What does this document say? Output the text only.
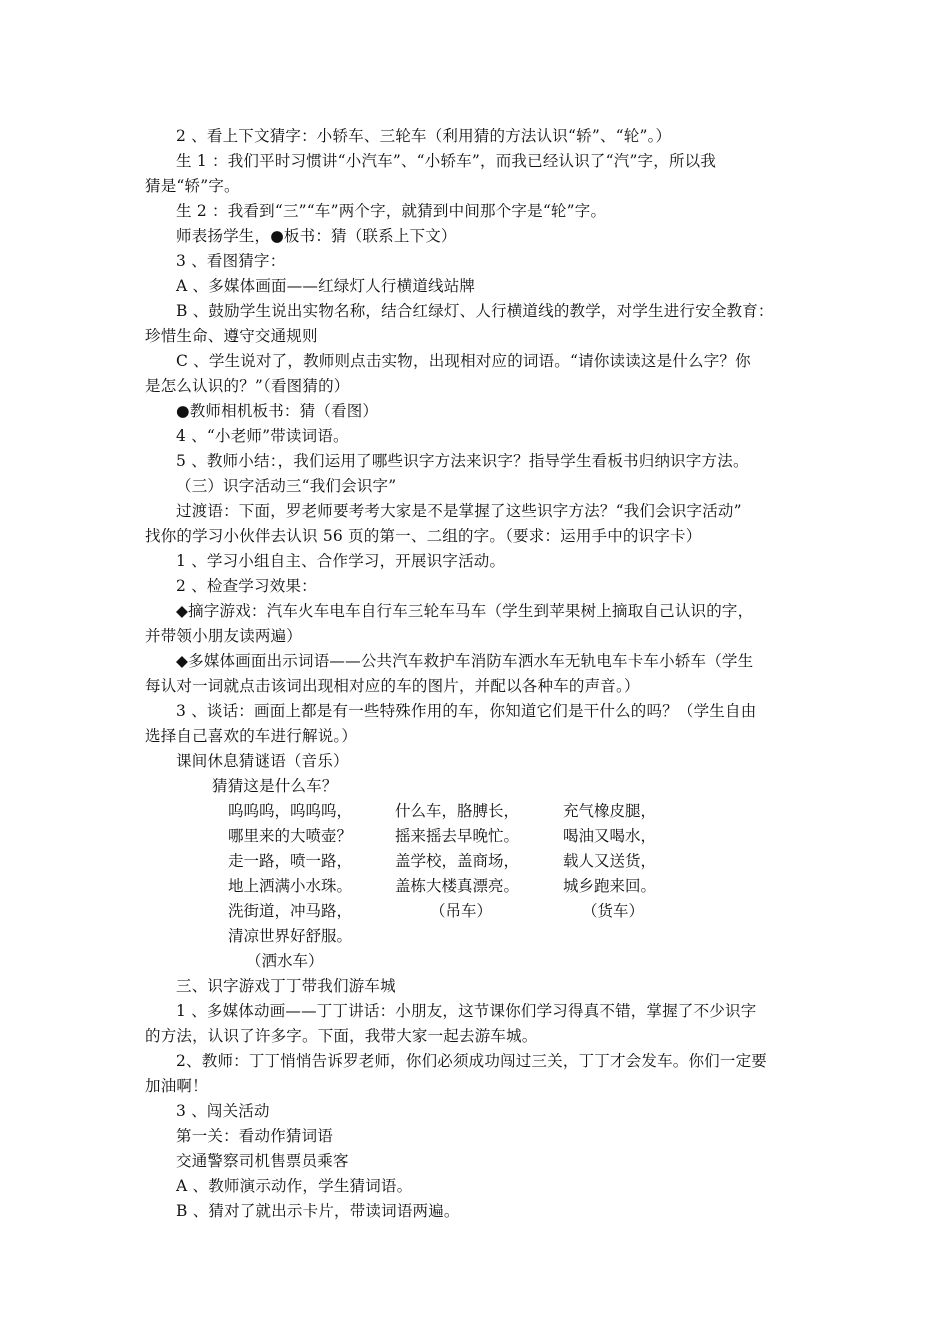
2 、看上下文猜字：小轿车、三轮车（利用猜的方法认识“轿”、“轮”。）
生 1 ：我们平时习惯讲“小汽车”、“小轿车”，而我已经认识了“汽”字，所以我
猜是“轿”字。
生 2 ：我看到“三”“车”两个字，就猜到中间那个字是“轮”字。
师表扬学生，●板书：猜（联系上下文）
3 、看图猜字：
A 、多媒体画面——红绿灯人行横道线站牌
B 、鼓励学生说出实物名称，结合红绿灯、人行横道线的教学，对学生进行安全教育：
珍惜生命、遵守交通规则
C 、学生说对了，教师则点击实物，出现相对应的词语。“请你读读这是什么字？你
是怎么认识的？”（看图猜的）
●教师相机板书：猜（看图）
4 、“小老师”带读词语。
5 、教师小结：，我们运用了哪些识字方法来识字？指导学生看板书归纳识字方法。
（三）识字活动三“我们会识字”
过渡语：下面，罗老师要考考大家是不是掌握了这些识字方法？“我们会识字活动”
找你的学习小伙伴去认识 56 页的第一、二组的字。（要求：运用手中的识字卡）
1 、学习小组自主、合作学习，开展识字活动。
2 、检查学习效果：
◆摘字游戏：汽车火车电车自行车三轮车马车（学生到苹果树上摘取自己认识的字，
并带领小朋友读两遍）
◆多媒体画面出示词语——公共汽车救护车消防车洒水车无轨电车卡车小轿车（学生
每认对一词就点击该词出现相对应的车的图片，并配以各种车的声音。）
3 、谈话：画面上都是有一些特殊作用的车，你知道它们是干什么的吗？（学生自由
选择自己喜欢的车进行解说。）
课间休息猜谜语（音乐）
猜猜这是什么车？
呜呜呜，呜呜呜，
哪里来的大喷壶？
走一路，喷一路，
地上洒满小水珠。
洗街道，冲马路，
清凉世界好舒服。
（洒水车）
什么车，胳膊长，
摇来摇去早晚忙。
盖学校，盖商场，
盖栋大楼真漂亮。
（吊车）
充气橡皮腿，
喝油又喝水，
载人又送货，
城乡跑来回。
（货车）
三、识字游戏丁丁带我们游车城
1 、多媒体动画——丁丁讲话：小朋友，这节课你们学习得真不错，掌握了不少识字
的方法，认识了许多字。下面，我带大家一起去游车城。
2、教师：丁丁悄悄告诉罗老师，你们必须成功闯过三关，丁丁才会发车。你们一定要
加油啊！
3 、闯关活动
第一关：看动作猜词语
交通警察司机售票员乘客
A 、教师演示动作，学生猜词语。
B 、猜对了就出示卡片，带读词语两遍。
